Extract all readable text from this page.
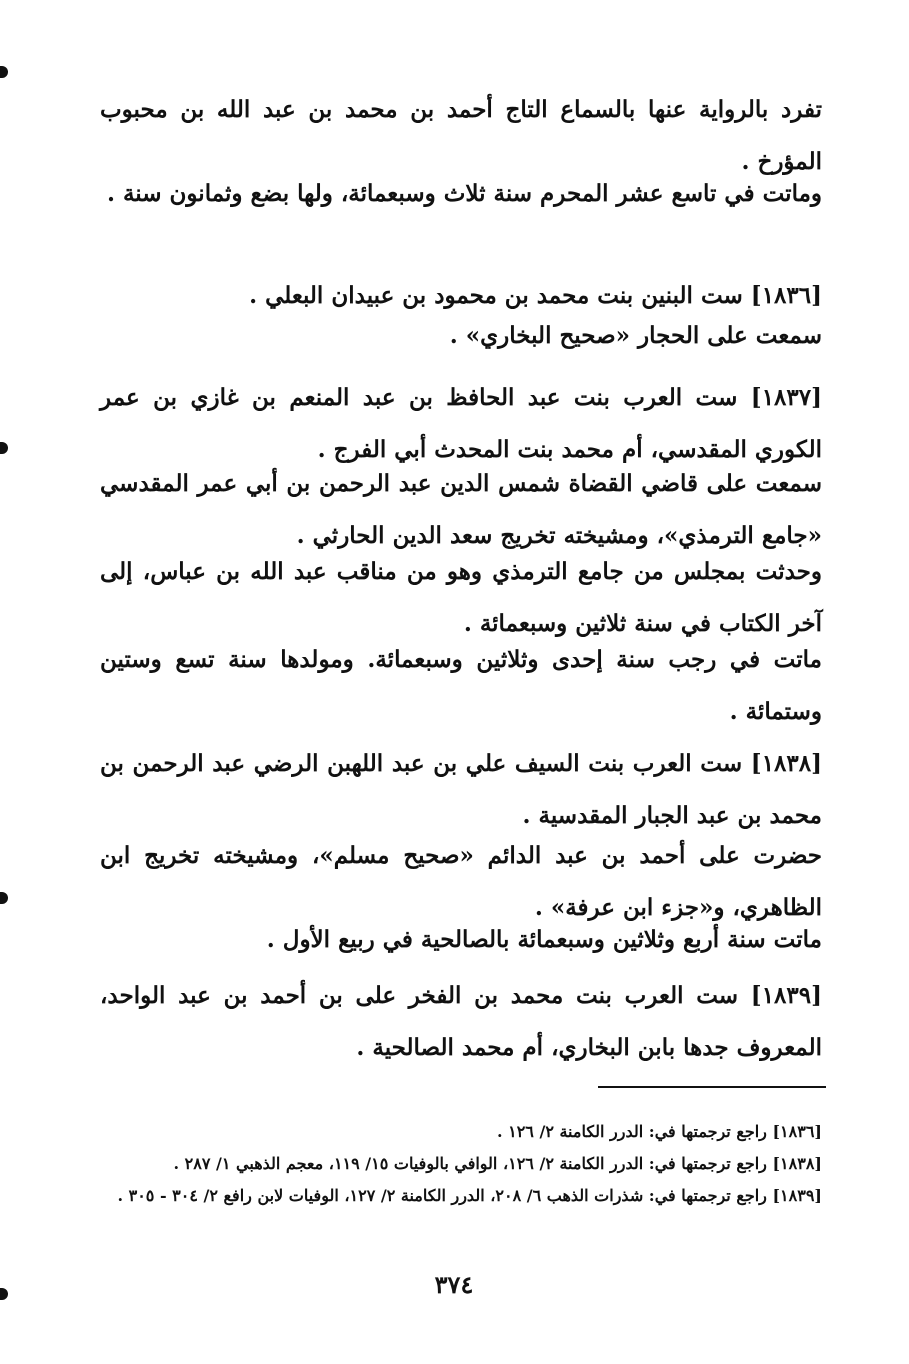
تفرد بالرواية عنها بالسماع التاج أحمد بن محمد بن عبد الله بن محبوب المؤرخ .

وماتت في تاسع عشر المحرم سنة ثلاث وسبعمائة، ولها بضع وثمانون سنة .

[١٨٣٦] ست البنين بنت محمد بن محمود بن عبيدان البعلي .

سمعت على الحجار «صحيح البخاري» .

[١٨٣٧] ست العرب بنت عبد الحافظ بن عبد المنعم بن غازي بن عمر الكوري المقدسي، أم محمد بنت المحدث أبي الفرج .

سمعت على قاضي القضاة شمس الدين عبد الرحمن بن أبي عمر المقدسي «جامع الترمذي»، ومشيخته تخريج سعد الدين الحارثي .

وحدثت بمجلس من جامع الترمذي وهو من مناقب عبد الله بن عباس، إلى آخر الكتاب في سنة ثلاثين وسبعمائة .

ماتت في رجب سنة إحدى وثلاثين وسبعمائة. ومولدها سنة تسع وستين وستمائة .

[١٨٣٨] ست العرب بنت السيف علي بن عبد اللهبن الرضي عبد الرحمن بن محمد بن عبد الجبار المقدسية .

حضرت على أحمد بن عبد الدائم «صحيح مسلم»، ومشيخته تخريج ابن الظاهري، و«جزء ابن عرفة» .

ماتت سنة أربع وثلاثين وسبعمائة بالصالحية في ربيع الأول .

[١٨٣٩] ست العرب بنت محمد بن الفخر على بن أحمد بن عبد الواحد، المعروف جدها بابن البخاري، أم محمد الصالحية .

[١٨٣٦] راجع ترجمتها في: الدرر الكامنة ٢/ ١٢٦ .

[١٨٣٨] راجع ترجمتها في: الدرر الكامنة ٢/ ١٢٦، الوافي بالوفيات ١٥/ ١١٩، معجم الذهبي ١/ ٢٨٧ .

[١٨٣٩] راجع ترجمتها في: شذرات الذهب ٦/ ٢٠٨، الدرر الكامنة ٢/ ١٢٧، الوفيات لابن رافع ٢/ ٣٠٤ - ٣٠٥ .

٣٧٤
